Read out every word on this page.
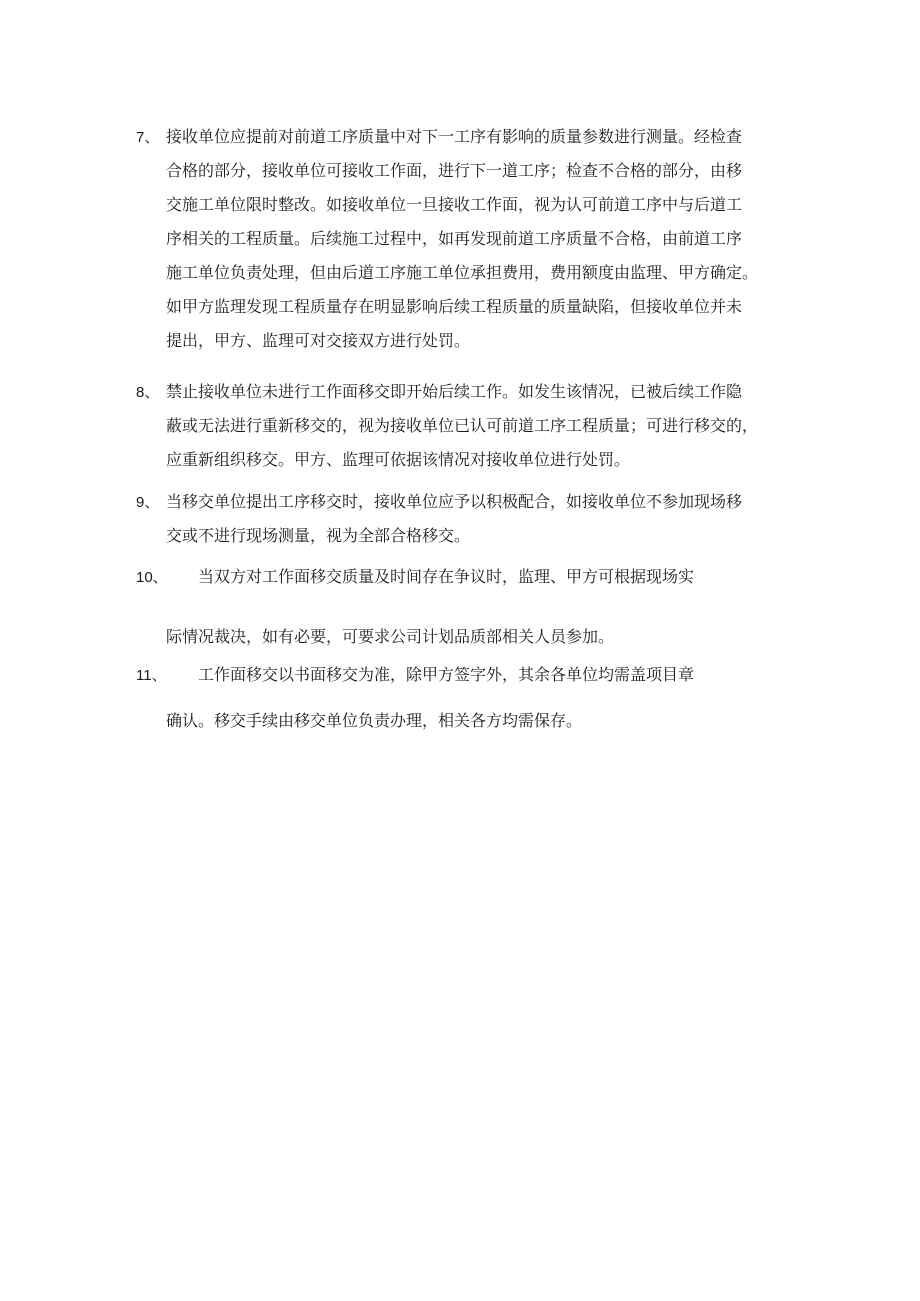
7、 接收单位应提前对前道工序质量中对下一工序有影响的质量参数进行测量。经检查
合格的部分，接收单位可接收工作面，进行下一道工序；检查不合格的部分，由移
交施工单位限时整改。如接收单位一旦接收工作面，视为认可前道工序中与后道工
序相关的工程质量。后续施工过程中，如再发现前道工序质量不合格，由前道工序
施工单位负责处理，但由后道工序施工单位承担费用，费用额度由监理、甲方确定。
如甲方监理发现工程质量存在明显影响后续工程质量的质量缺陷，但接收单位并未
提出，甲方、监理可对交接双方进行处罚。
8、 禁止接收单位未进行工作面移交即开始后续工作。如发生该情况，已被后续工作隐
蔽或无法进行重新移交的，视为接收单位已认可前道工序工程质量；可进行移交的，
应重新组织移交。甲方、监理可依据该情况对接收单位进行处罚。
9、 当移交单位提出工序移交时，接收单位应予以积极配合，如接收单位不参加现场移
交或不进行现场测量，视为全部合格移交。
10、 当双方对工作面移交质量及时间存在争议时，监理、甲方可根据现场实
际情况裁决，如有必要，可要求公司计划品质部相关人员参加。
11、 工作面移交以书面移交为准，除甲方签字外，其余各单位均需盖项目章
确认。移交手续由移交单位负责办理，相关各方均需保存。
